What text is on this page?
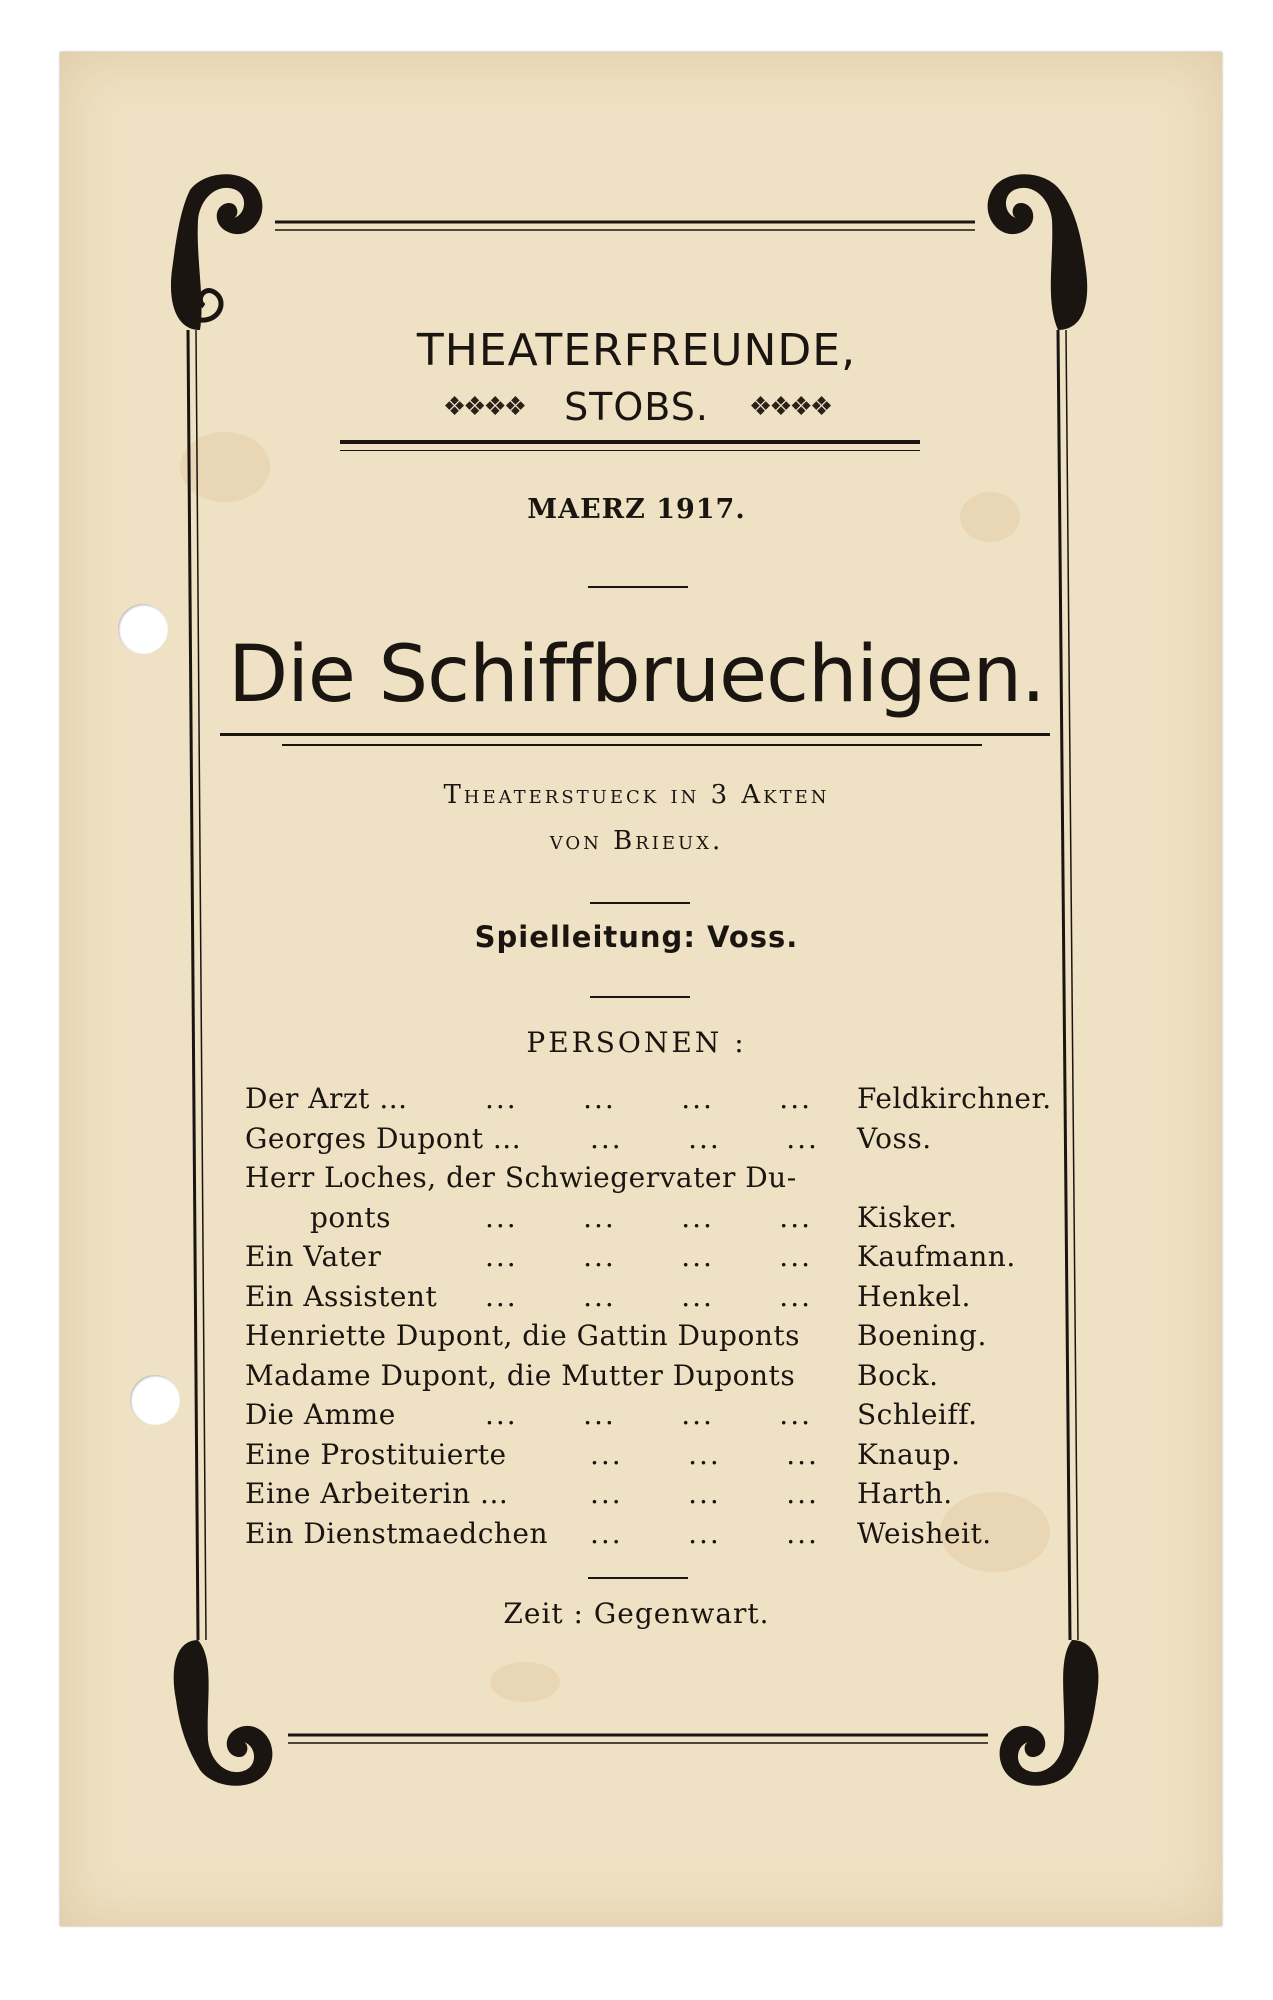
THEATERFREUNDE,
❖❖❖❖ STOBS. ❖❖❖❖
MAERZ 1917.
Die Schiffbruechigen.
Theaterstueck in 3 Akten
von Brieux.
Spielleitung: Voss.
PERSONEN :
Der Arzt ...	...      ...      ...      ... Feldkirchner.
Georges Dupont ... ...      ...      ... Voss.
Herr Loches, der Schwiegervater Du-
ponts	...      ...      ...      ... Kisker.
Ein Vater	...      ...      ...      ... Kaufmann.
Ein Assistent ...      ...      ...      ... Henkel.
Henriette Dupont, die Gattin Duponts Boening.
Madame Dupont, die Mutter Duponts Bock.
Die Amme	...      ...      ...      ... Schleiff.
Eine Prostituierte	...      ...      ... Knaup.
Eine Arbeiterin ...	...      ...      ... Harth.
Ein Dienstmaedchen ...      ...      ... Weisheit.
Zeit : Gegenwart.
